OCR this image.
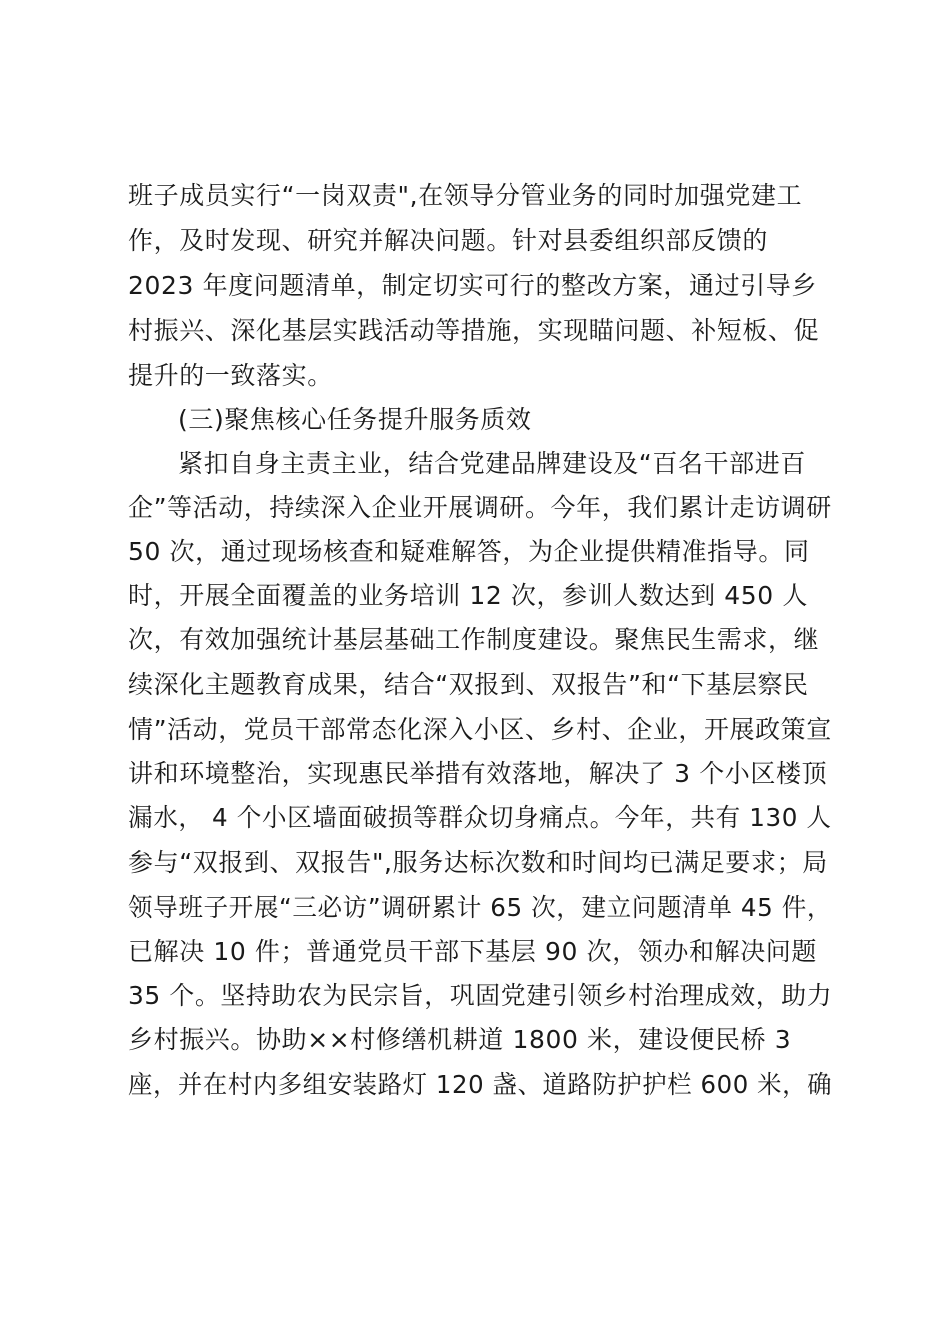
班子成员实行“一岗双责",在领导分管业务的同时加强党建工
作，及时发现、研究并解决问题。针对县委组织部反馈的
2023 年度问题清单，制定切实可行的整改方案，通过引导乡
村振兴、深化基层实践活动等措施，实现瞄问题、补短板、促
提升的一致落实。
(三)聚焦核心任务提升服务质效
紧扣自身主责主业，结合党建品牌建设及“百名干部进百
企”等活动，持续深入企业开展调研。今年，我们累计走访调研
50 次，通过现场核查和疑难解答，为企业提供精准指导。同
时，开展全面覆盖的业务培训 12 次，参训人数达到 450 人
次，有效加强统计基层基础工作制度建设。聚焦民生需求，继
续深化主题教育成果，结合“双报到、双报告”和“下基层察民
情”活动，党员干部常态化深入小区、乡村、企业，开展政策宣
讲和环境整治，实现惠民举措有效落地，解决了 3 个小区楼顶
漏水， 4 个小区墙面破损等群众切身痛点。今年，共有 130 人
参与“双报到、双报告",服务达标次数和时间均已满足要求；局
领导班子开展“三必访”调研累计 65 次，建立问题清单 45 件，
已解决 10 件；普通党员干部下基层 90 次，领办和解决问题
35 个。坚持助农为民宗旨，巩固党建引领乡村治理成效，助力
乡村振兴。协助××村修缮机耕道 1800 米，建设便民桥 3
座，并在村内多组安装路灯 120 盏、道路防护护栏 600 米，确
